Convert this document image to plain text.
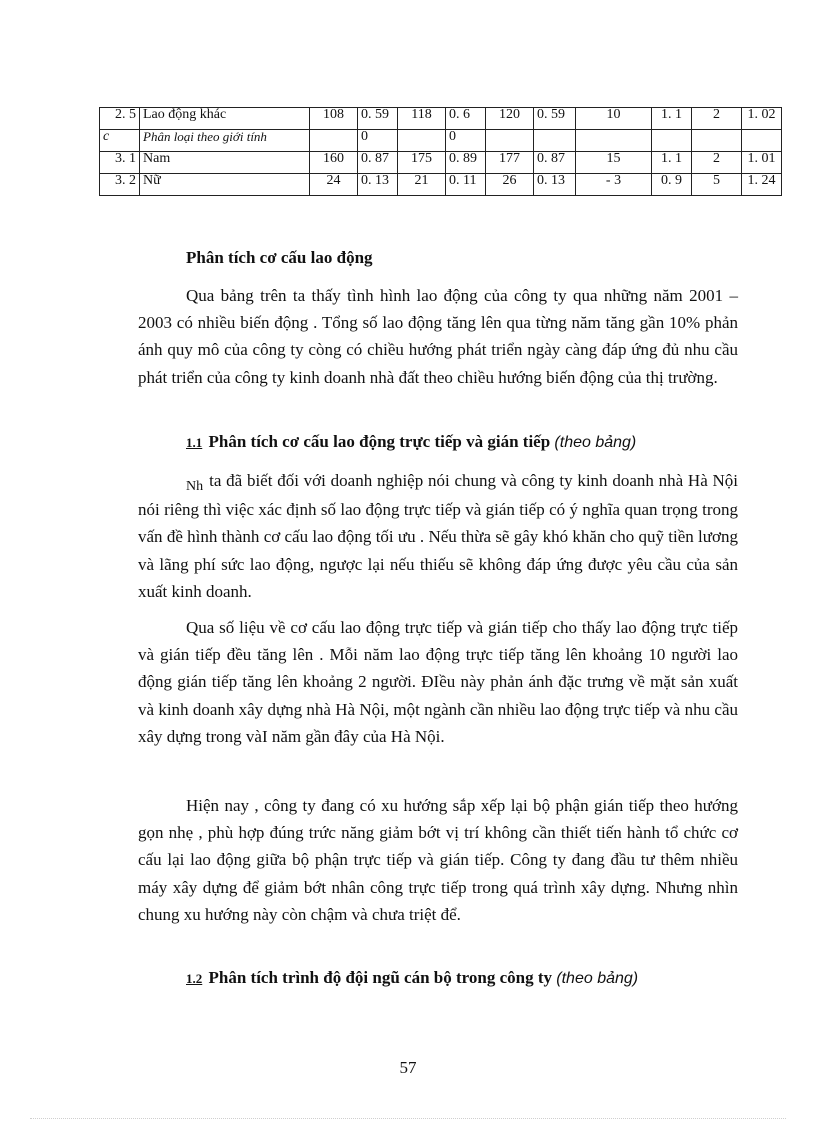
2. 5	Lao động khác	108	0. 59	118	0. 6	120	0. 59	10	1. 1	2	1. 02
c	Phân loại theo giới tính		0		0						
3. 1	Nam	160	0. 87	175	0. 89	177	0. 87	15	1. 1	2	1. 01
3. 2	Nữ	24	0. 13	21	0. 11	26	0. 13	- 3	0. 9	5	1. 24
Phân tích cơ cấu lao động

Qua bảng trên ta thấy tình hình lao động của công ty qua những năm 2001 –2003 có nhiều biến động . Tổng số lao động tăng lên qua từng năm tăng gần 10% phản ánh quy mô của công ty còng có chiều hướng phát triển ngày càng đáp ứng đủ nhu cầu phát triển của công ty kinh doanh nhà đất theo chiều hướng biến động của thị trường.

1.1 Phân tích cơ cấu lao động trực tiếp và gián tiếp (theo bảng)

$_{Nh}$ ta đã biết đối với doanh nghiệp nói chung và công ty kinh doanh nhà Hà Nội nói riêng thì việc xác định số lao động trực tiếp và gián tiếp có ý nghĩa quan trọng trong vấn đề hình thành cơ cấu lao động tối ưu . Nếu thừa sẽ gây khó khăn cho quỹ tiền lương và lãng phí sức lao động, ngược lại nếu thiếu sẽ không đáp ứng được yêu cầu của sản xuất kinh doanh.

Qua số liệu về cơ cấu lao động trực tiếp và gián tiếp cho thấy lao động trực tiếp và gián tiếp đều tăng lên . Mỗi năm lao động trực tiếp tăng lên khoảng 10 người lao động gián tiếp tăng lên khoảng 2 người. ĐIều này phản ánh đặc trưng về mặt sản xuất và kinh doanh xây dựng nhà Hà Nội, một ngành cần nhiều lao động trực tiếp và nhu cầu xây dựng trong vàI năm gần đây của Hà Nội.

Hiện nay , công ty đang có xu hướng sắp xếp lại bộ phận gián tiếp theo hướng gọn nhẹ , phù hợp đúng trức năng giảm bớt vị trí không cần thiết tiến hành tổ chức cơ cấu lại lao động giữa bộ phận trực tiếp và gián tiếp. Công ty đang đầu tư thêm nhiều máy xây dựng để giảm bớt nhân công trực tiếp trong quá trình xây dựng. Nhưng nhìn chung xu hướng này còn chậm và chưa triệt để.

1.2 Phân tích trình độ đội ngũ cán bộ trong công ty (theo bảng)
57
